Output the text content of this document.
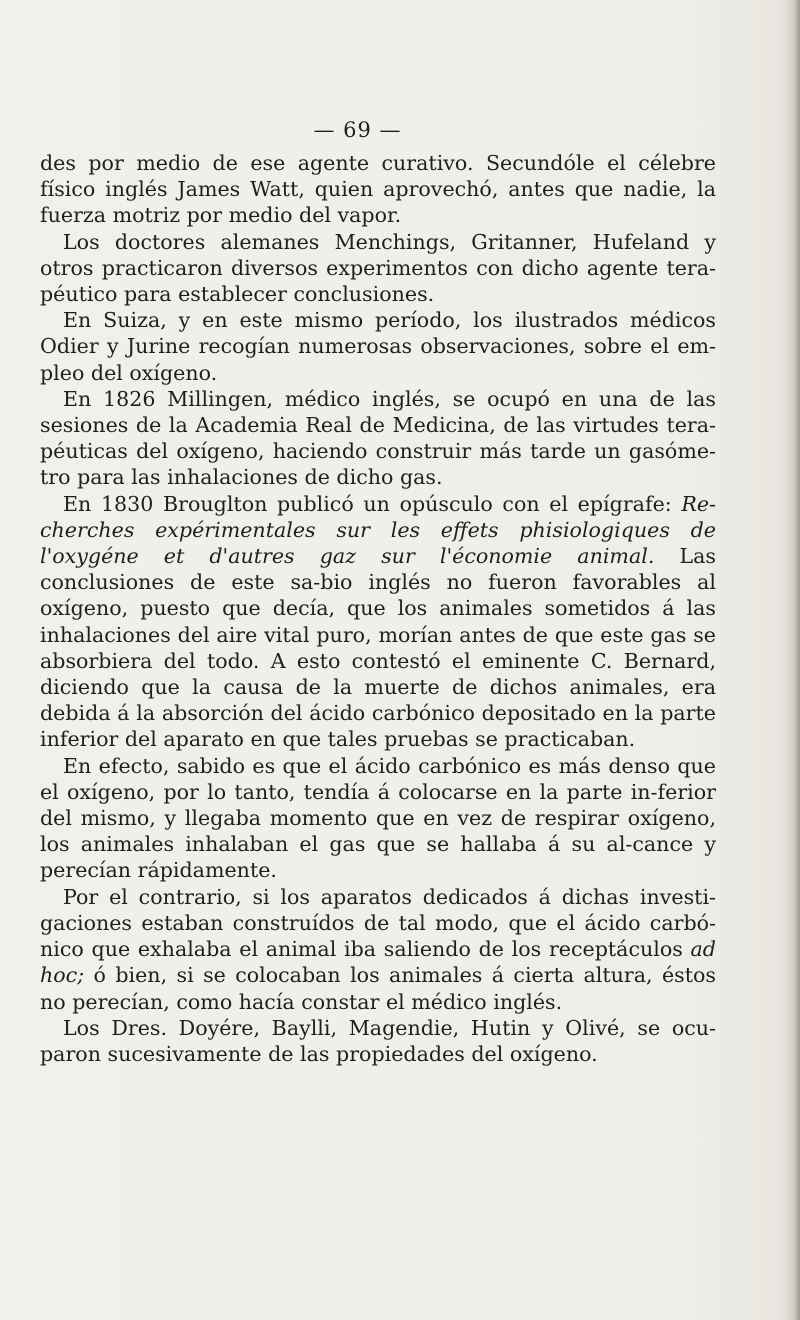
— 69 —

des por medio de ese agente curativo. Secundóle el célebre físico inglés James Watt, quien aprovechó, antes que nadie, la fuerza motriz por medio del vapor.

Los doctores alemanes Menchings, Gritanner, Hufeland y otros practicaron diversos experimentos con dicho agente tera-péutico para establecer conclusiones.

En Suiza, y en este mismo período, los ilustrados médicos Odier y Jurine recogían numerosas observaciones, sobre el em-pleo del oxígeno.

En 1826 Millingen, médico inglés, se ocupó en una de las sesiones de la Academia Real de Medicina, de las virtudes tera-péuticas del oxígeno, haciendo construir más tarde un gasóme-tro para las inhalaciones de dicho gas.

En 1830 Brouglton publicó un opúsculo con el epígrafe: Re-cherches expérimentales sur les effets phisiologiques de l'oxygéne et d'autres gaz sur l'économie animal. Las conclusiones de este sa-bio inglés no fueron favorables al oxígeno, puesto que decía, que los animales sometidos á las inhalaciones del aire vital puro, morían antes de que este gas se absorbiera del todo. A esto contestó el eminente C. Bernard, diciendo que la causa de la muerte de dichos animales, era debida á la absorción del ácido carbónico depositado en la parte inferior del aparato en que tales pruebas se practicaban.

En efecto, sabido es que el ácido carbónico es más denso que el oxígeno, por lo tanto, tendía á colocarse en la parte in-ferior del mismo, y llegaba momento que en vez de respirar oxígeno, los animales inhalaban el gas que se hallaba á su al-cance y perecían rápidamente.

Por el contrario, si los aparatos dedicados á dichas investi-gaciones estaban construídos de tal modo, que el ácido carbó-nico que exhalaba el animal iba saliendo de los receptáculos ad hoc; ó bien, si se colocaban los animales á cierta altura, éstos no perecían, como hacía constar el médico inglés.

Los Dres. Doyére, Baylli, Magendie, Hutin y Olivé, se ocu-paron sucesivamente de las propiedades del oxígeno.
